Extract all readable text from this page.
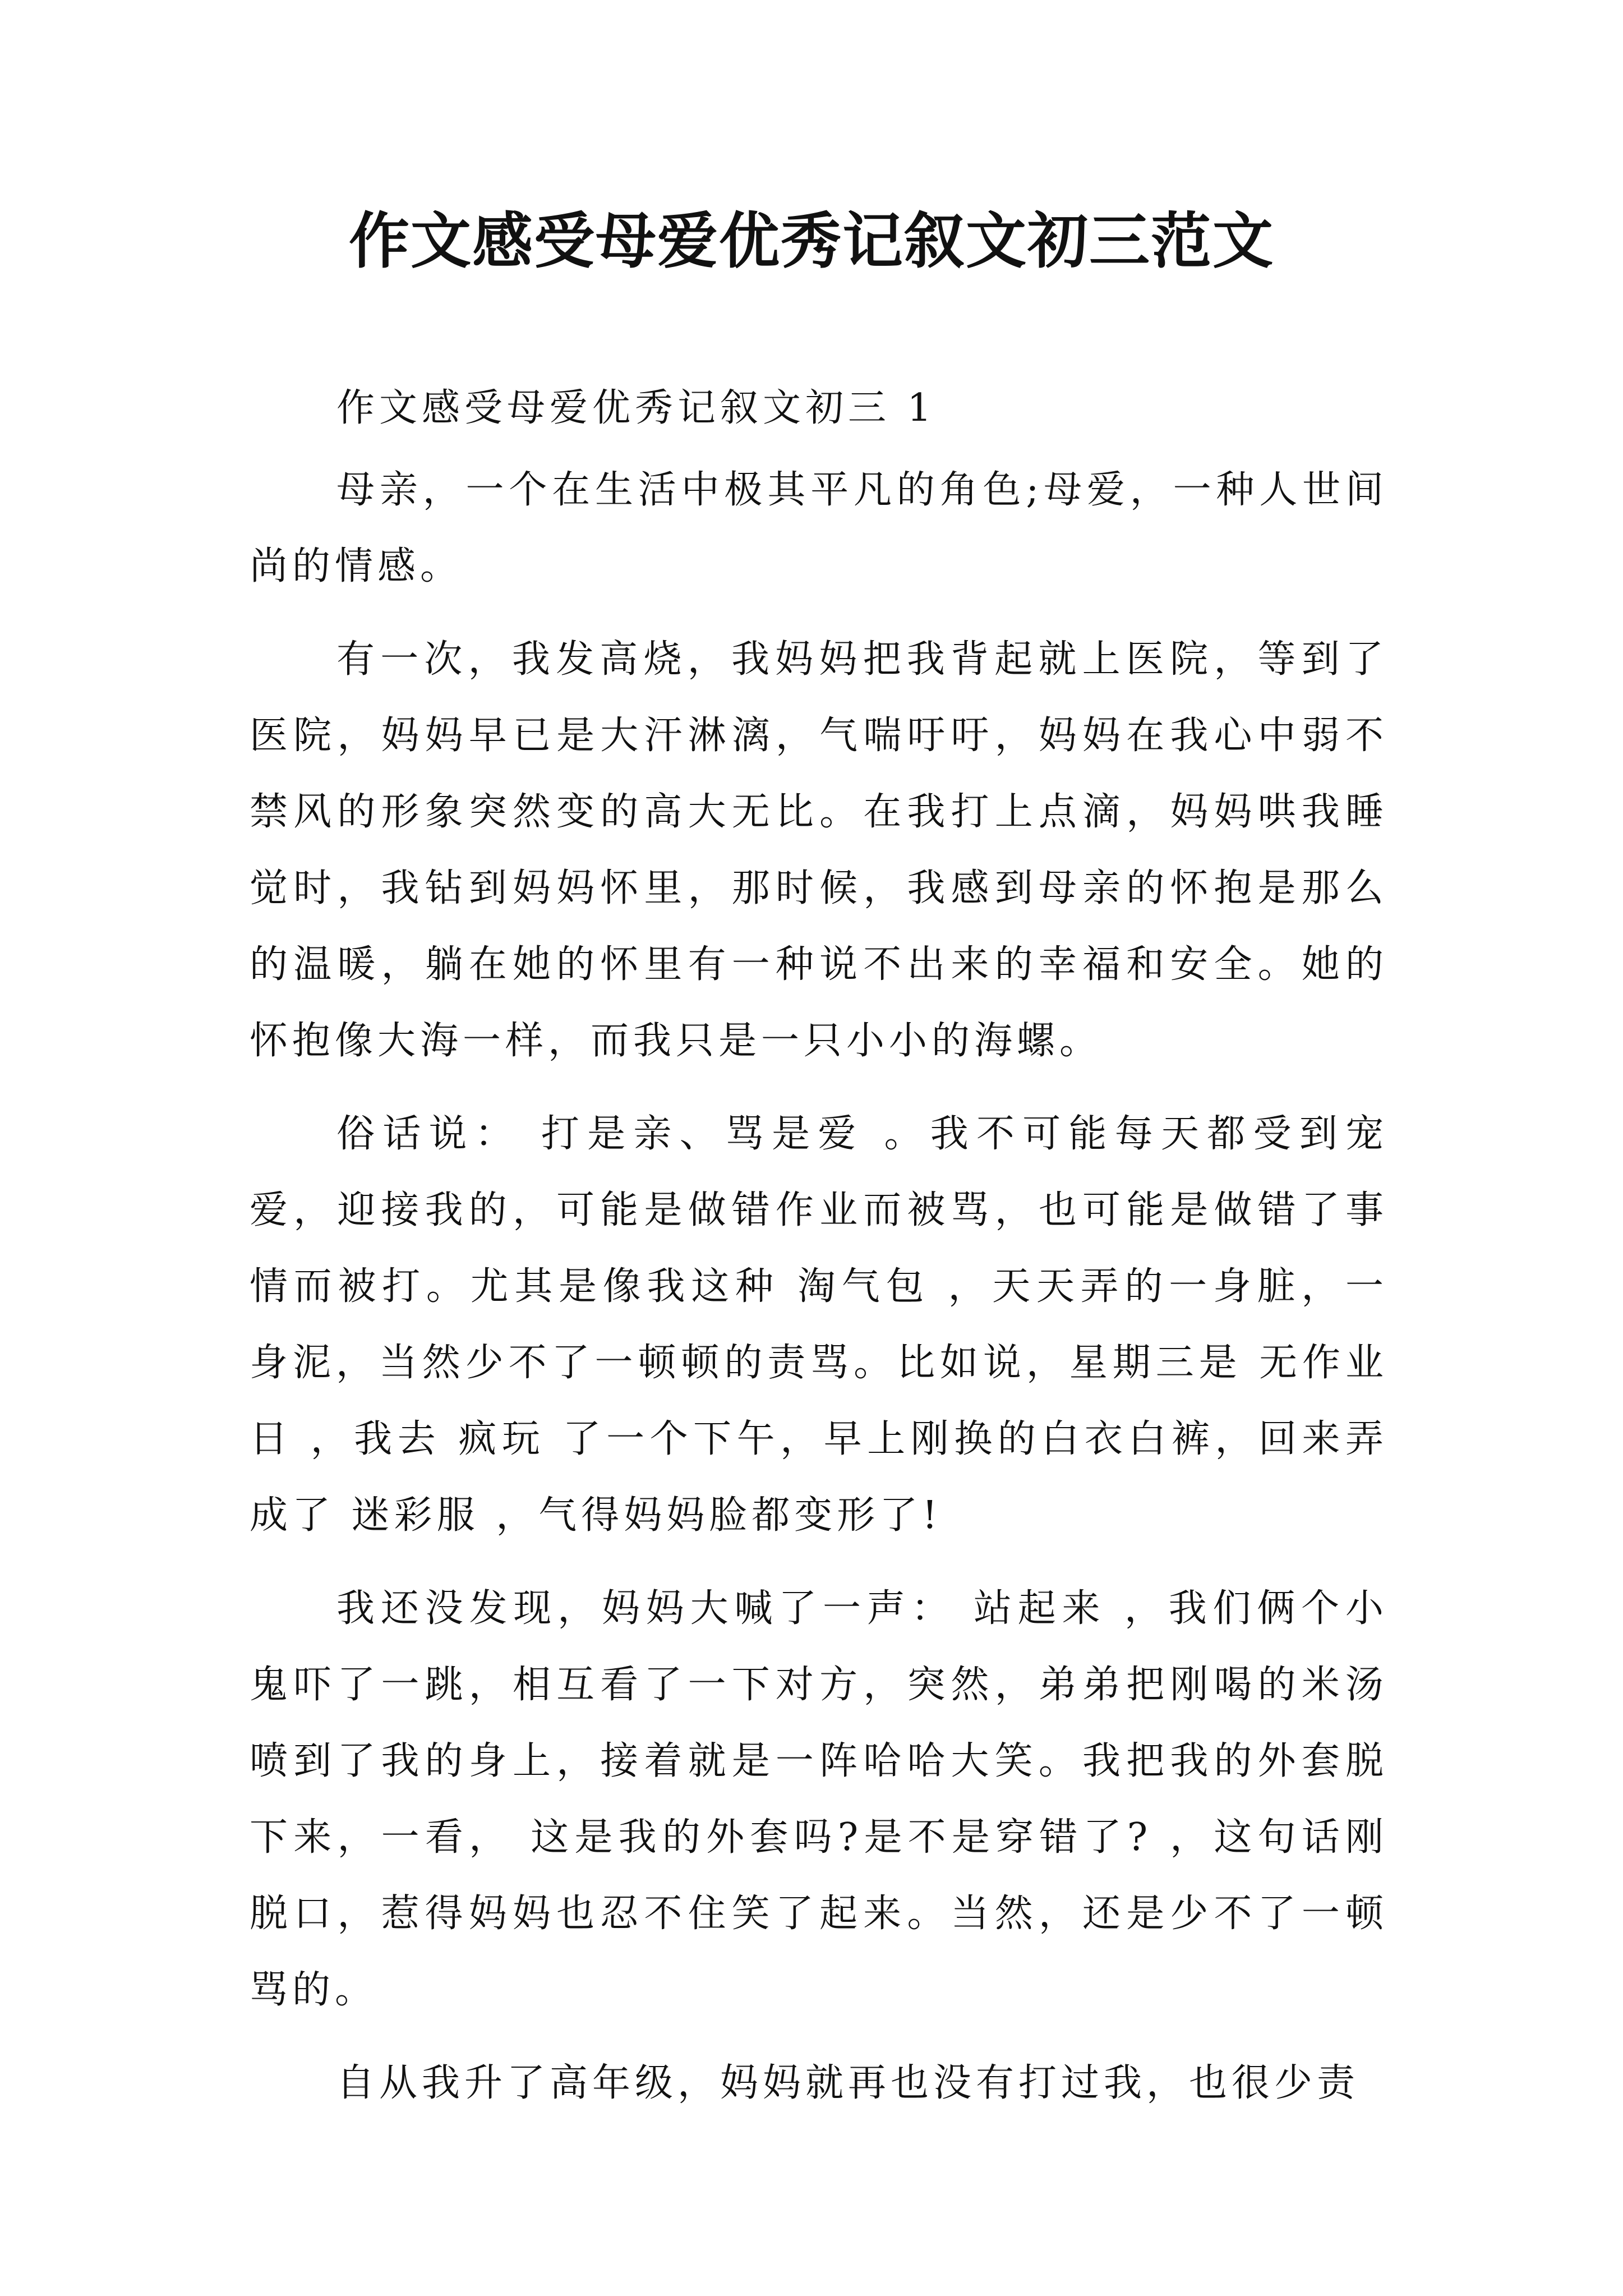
作文感受母爱优秀记叙文初三范文

作文感受母爱优秀记叙文初三 1

母亲，一个在生活中极其平凡的角色;母爱，一种人世间尚的情感。

有一次，我发高烧，我妈妈把我背起就上医院，等到了医院，妈妈早已是大汗淋漓，气喘吁吁，妈妈在我心中弱不禁风的形象突然变的高大无比。在我打上点滴，妈妈哄我睡觉时，我钻到妈妈怀里，那时候，我感到母亲的怀抱是那么的温暖，躺在她的怀里有一种说不出来的幸福和安全。她的怀抱像大海一样，而我只是一只小小的海螺。

俗话说： 打是亲、骂是爱 。我不可能每天都受到宠爱，迎接我的，可能是做错作业而被骂，也可能是做错了事情而被打。尤其是像我这种 淘气包 ，天天弄的一身脏，一身泥，当然少不了一顿顿的责骂。比如说，星期三是 无作业日 ，我去 疯玩 了一个下午，早上刚换的白衣白裤，回来弄成了 迷彩服 ，气得妈妈脸都变形了!

我还没发现，妈妈大喊了一声： 站起来 ，我们俩个小鬼吓了一跳，相互看了一下对方，突然，弟弟把刚喝的米汤喷到了我的身上，接着就是一阵哈哈大笑。我把我的外套脱下来，一看， 这是我的外套吗?是不是穿错了? ，这句话刚脱口，惹得妈妈也忍不住笑了起来。当然，还是少不了一顿骂的。

自从我升了高年级，妈妈就再也没有打过我，也很少责
